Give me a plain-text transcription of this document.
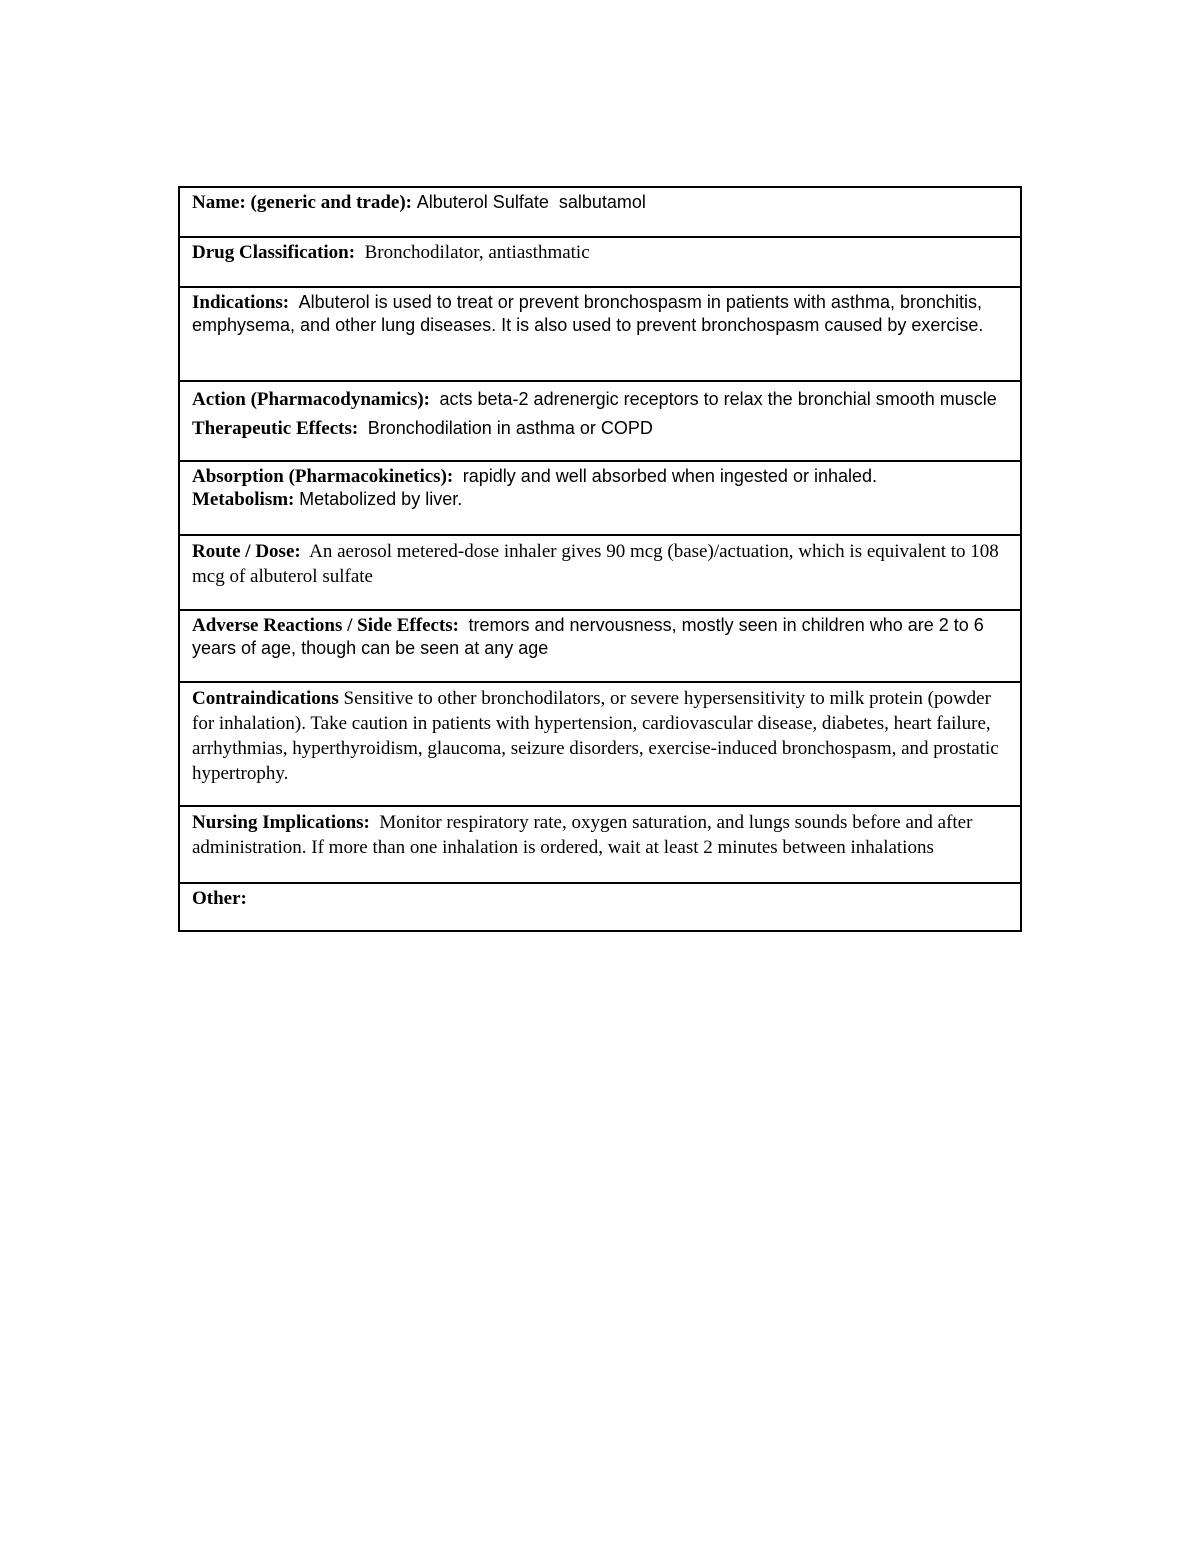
Name: (generic and trade): Albuterol Sulfate  salbutamol
Drug Classification: Bronchodilator, antiasthmatic
Indications: Albuterol is used to treat or prevent bronchospasm in patients with asthma, bronchitis, emphysema, and other lung diseases. It is also used to prevent bronchospasm caused by exercise.
Action (Pharmacodynamics): acts beta-2 adrenergic receptors to relax the bronchial smooth muscle Therapeutic Effects: Bronchodilation in asthma or COPD
Absorption (Pharmacokinetics): rapidly and well absorbed when ingested or inhaled.
Metabolism: Metabolized by liver.
Route / Dose: An aerosol metered-dose inhaler gives 90 mcg (base)/actuation, which is equivalent to 108 mcg of albuterol sulfate
Adverse Reactions / Side Effects: tremors and nervousness, mostly seen in children who are 2 to 6 years of age, though can be seen at any age
Contraindications Sensitive to other bronchodilators, or severe hypersensitivity to milk protein (powder for inhalation). Take caution in patients with hypertension, cardiovascular disease, diabetes, heart failure, arrhythmias, hyperthyroidism, glaucoma, seizure disorders, exercise-induced bronchospasm, and prostatic hypertrophy.
Nursing Implications: Monitor respiratory rate, oxygen saturation, and lungs sounds before and after administration. If more than one inhalation is ordered, wait at least 2 minutes between inhalations
Other:
